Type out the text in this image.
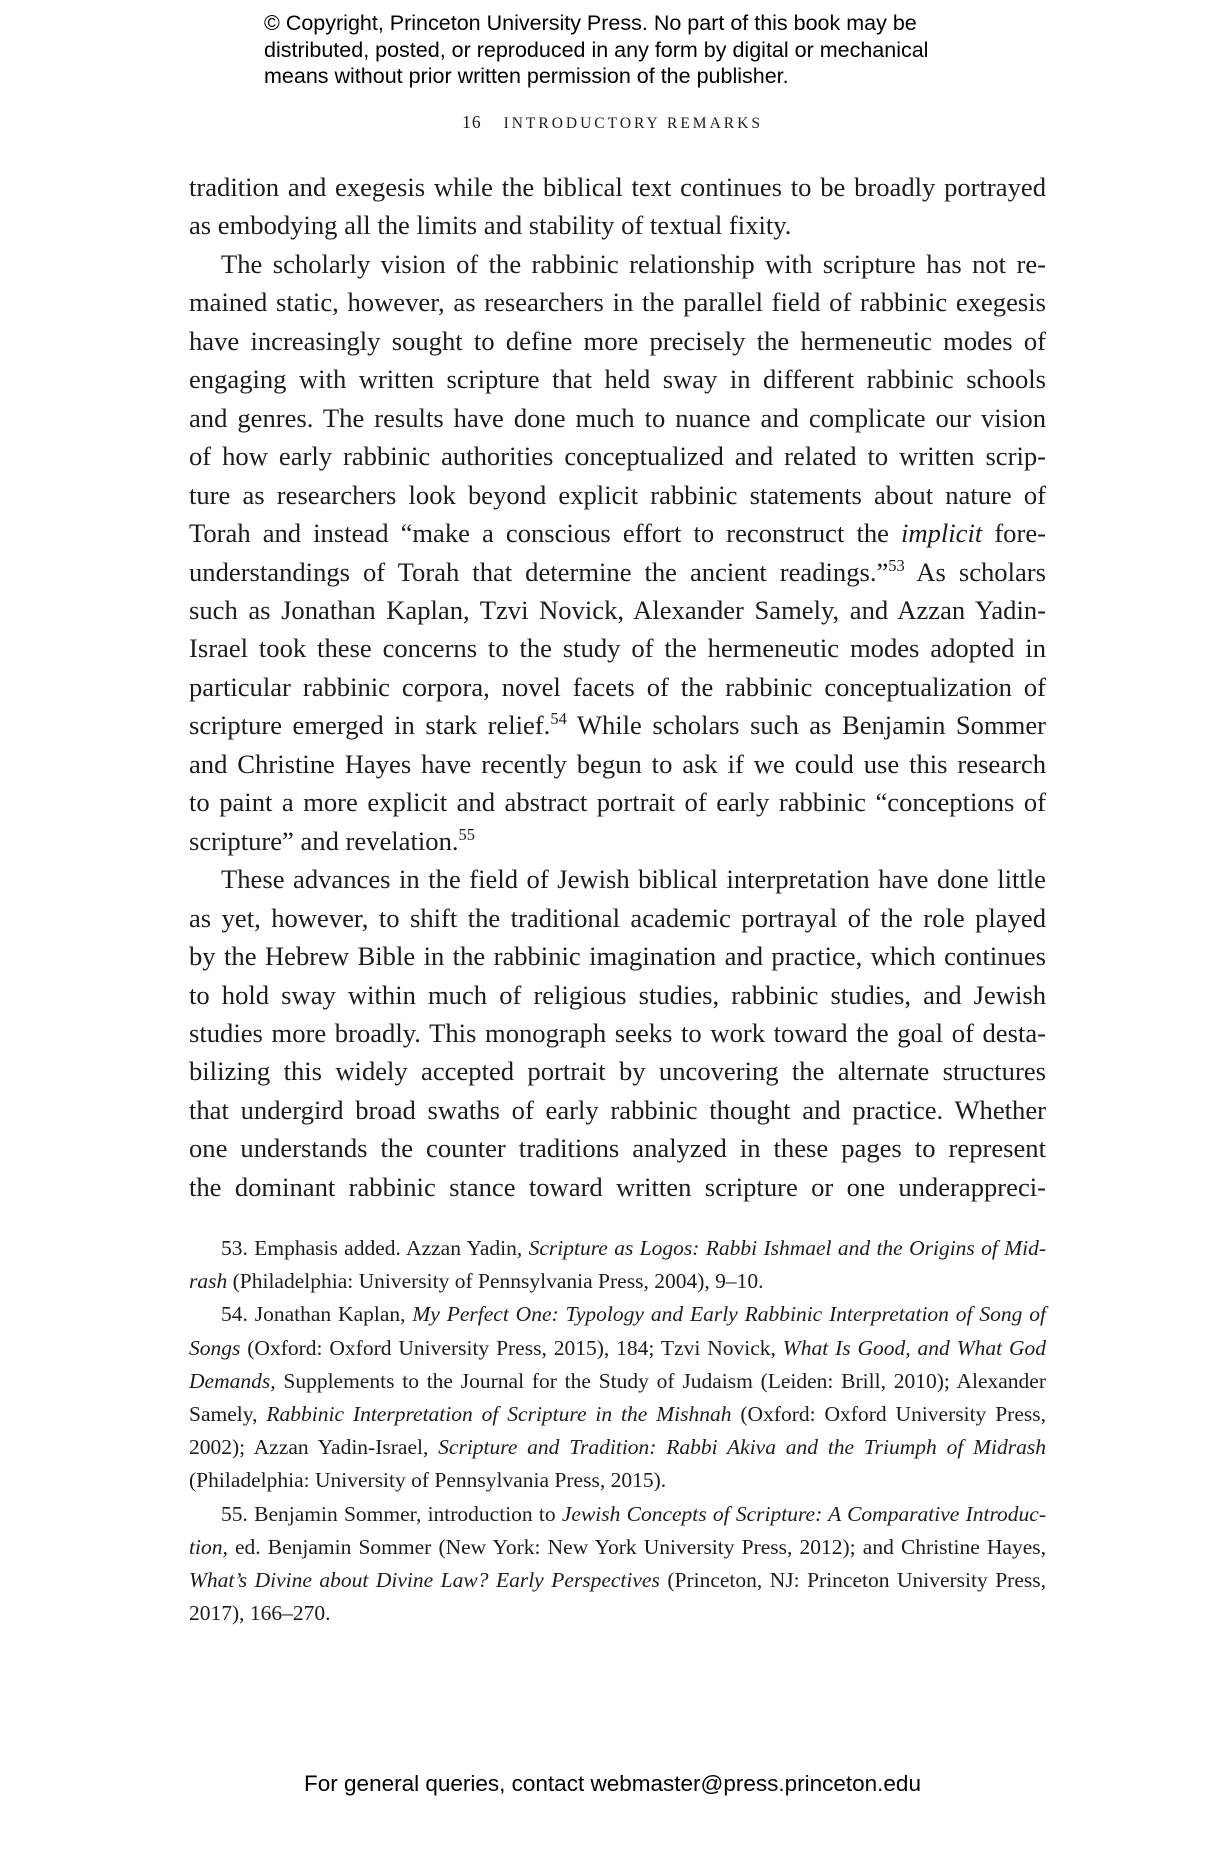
© Copyright, Princeton University Press. No part of this book may be
distributed, posted, or reproduced in any form by digital or mechanical
means without prior written permission of the publisher.
16 INTRODUCTORY REMARKS
tradition and exegesis while the biblical text continues to be broadly portrayed
as embodying all the limits and stability of textual fixity.
The scholarly vision of the rabbinic relationship with scripture has not re-
mained static, however, as researchers in the parallel field of rabbinic exegesis
have increasingly sought to define more precisely the hermeneutic modes of
engaging with written scripture that held sway in different rabbinic schools
and genres. The results have done much to nuance and complicate our vision
of how early rabbinic authorities conceptualized and related to written scrip-
ture as researchers look beyond explicit rabbinic statements about nature of
Torah and instead “make a conscious effort to reconstruct the implicit fore-
understandings of Torah that determine the ancient readings.”$^{53}$ As scholars
such as Jonathan Kaplan, Tzvi Novick, Alexander Samely, and Azzan Yadin-
Israel took these concerns to the study of the hermeneutic modes adopted in
particular rabbinic corpora, novel facets of the rabbinic conceptualization of
scripture emerged in stark relief.$^{54}$ While scholars such as Benjamin Sommer
and Christine Hayes have recently begun to ask if we could use this research
to paint a more explicit and abstract portrait of early rabbinic “conceptions of
scripture” and revelation.$^{55}$
These advances in the field of Jewish biblical interpretation have done little
as yet, however, to shift the traditional academic portrayal of the role played
by the Hebrew Bible in the rabbinic imagination and practice, which continues
to hold sway within much of religious studies, rabbinic studies, and Jewish
studies more broadly. This monograph seeks to work toward the goal of desta-
bilizing this widely accepted portrait by uncovering the alternate structures
that undergird broad swaths of early rabbinic thought and practice. Whether
one understands the counter traditions analyzed in these pages to represent
the dominant rabbinic stance toward written scripture or one underappreci-
53. Emphasis added. Azzan Yadin, Scripture as Logos: Rabbi Ishmael and the Origins of Mid-
rash (Philadelphia: University of Pennsylvania Press, 2004), 9–10.
54. Jonathan Kaplan, My Perfect One: Typology and Early Rabbinic Interpretation of Song of
Songs (Oxford: Oxford University Press, 2015), 184; Tzvi Novick, What Is Good, and What God
Demands, Supplements to the Journal for the Study of Judaism (Leiden: Brill, 2010); Alexander
Samely, Rabbinic Interpretation of Scripture in the Mishnah (Oxford: Oxford University Press,
2002); Azzan Yadin-Israel, Scripture and Tradition: Rabbi Akiva and the Triumph of Midrash
(Philadelphia: University of Pennsylvania Press, 2015).
55. Benjamin Sommer, introduction to Jewish Concepts of Scripture: A Comparative Introduc-
tion, ed. Benjamin Sommer (New York: New York University Press, 2012); and Christine Hayes,
What’s Divine about Divine Law? Early Perspectives (Princeton, NJ: Princeton University Press,
2017), 166–270.
For general queries, contact webmaster@press.princeton.edu
